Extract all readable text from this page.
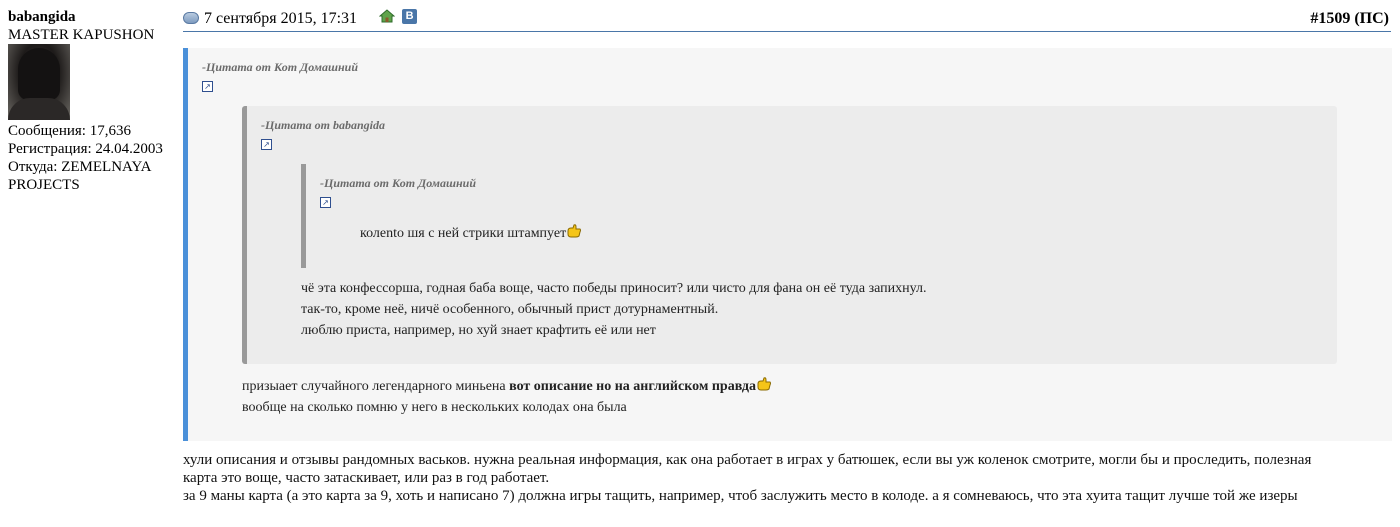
babangida
MASTER KAPUSHON
Сообщения: 17,636
Регистрация: 24.04.2003
Откуда: ZEMELNAYA
PROJECTS
7 сентября 2015, 17:31	В	#1509 (ПС)
-Цитата от Кот Домашний
↗
-Цитата от babangida
↗
-Цитата от Кот Домашний
↗
колento шя с ней стрики штампует
чё эта конфессорша, годная баба воще, часто победы приносит? или чисто для фана он её туда запихнул.
так-то, кроме неё, ничё особенного, обычный прист дотурнаментный.
люблю приста, например, но хуй знает крафтить её или нет
призыает случайного легендарного миньена вот описание но на английском правда
вообще на сколько помню у него в нескольких колодах она была
хули описания и отзывы рандомных васьков. нужна реальная информация, как она работает в играх у батюшек, если вы уж коленок смотрите, могли бы и проследить, полезная
карта это воще, часто затаскивает, или раз в год работает.
за 9 маны карта (а это карта за 9, хоть и написано 7) должна игры тащить, например, чтоб заслужить место в колоде. а я сомневаюсь, что эта хуита тащит лучше той же изеры
